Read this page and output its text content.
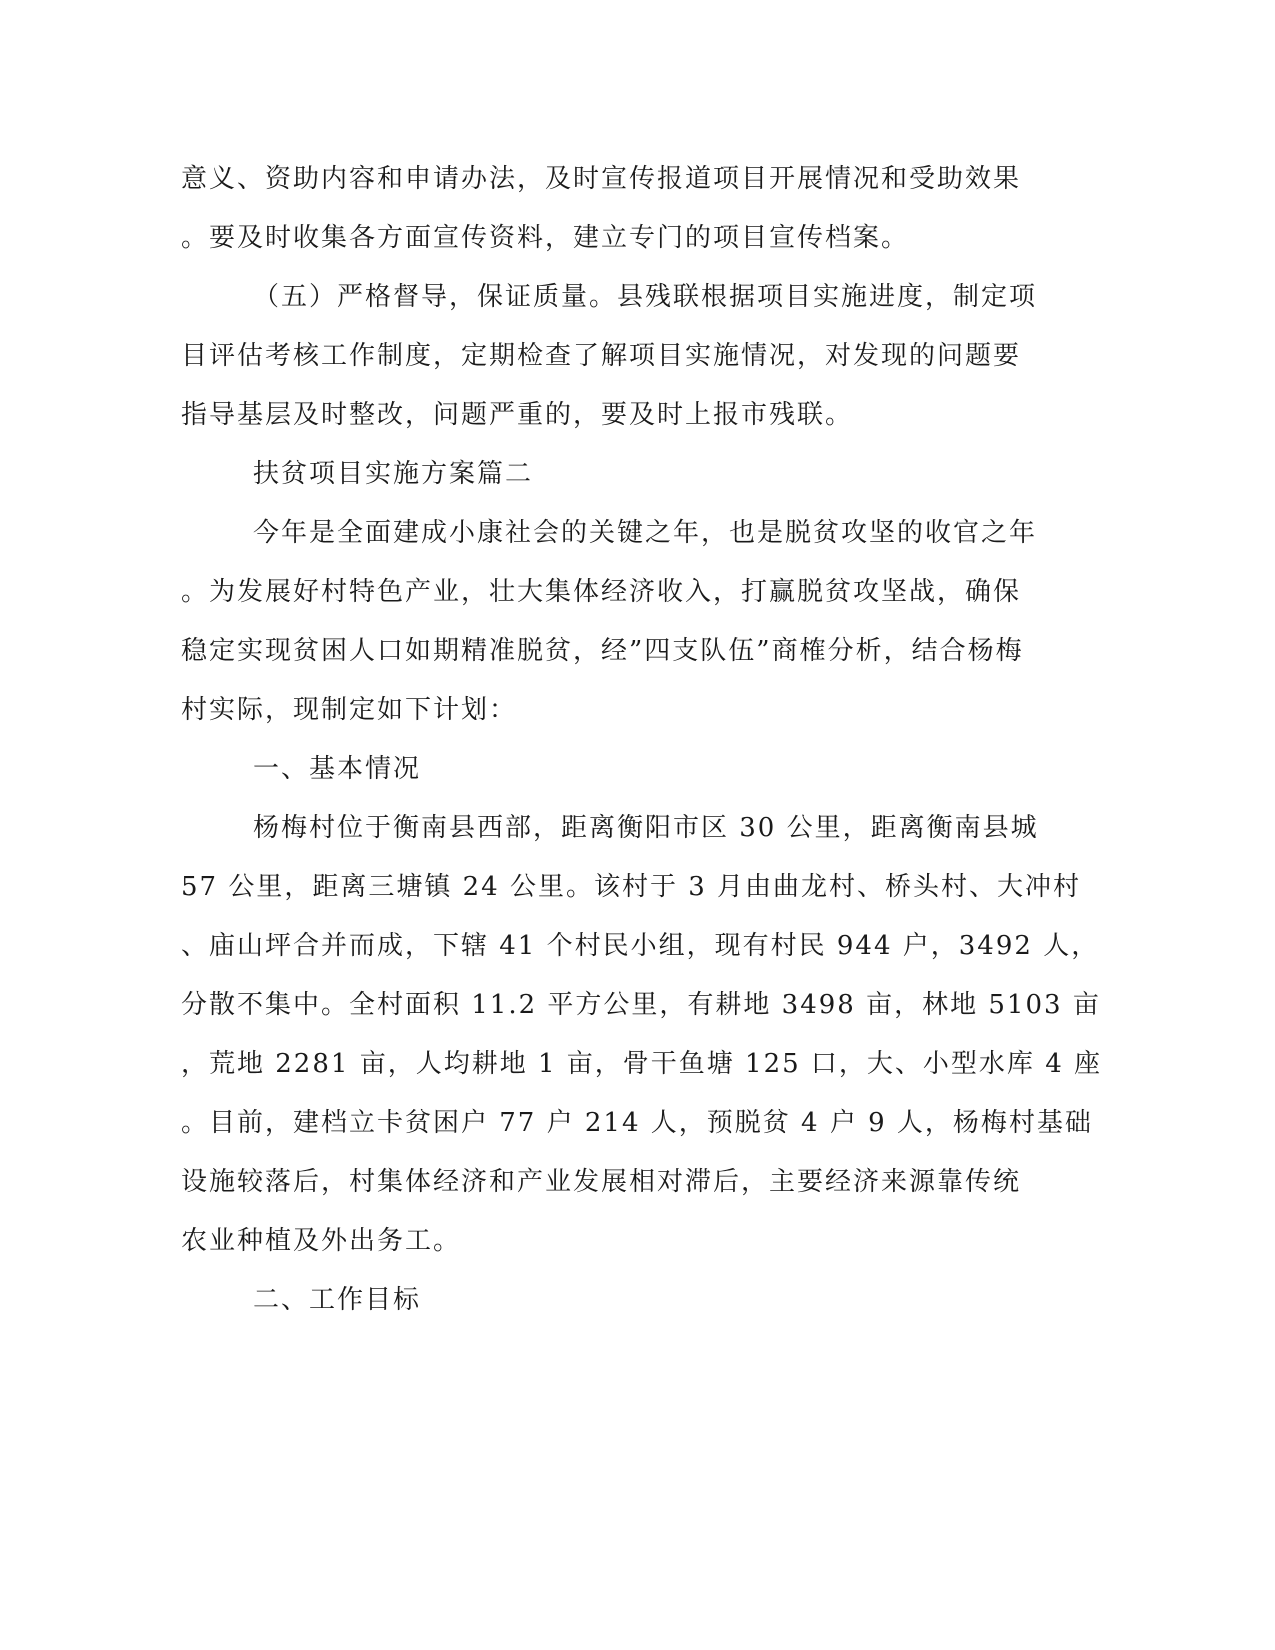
意义、资助内容和申请办法，及时宣传报道项目开展情况和受助效果
。要及时收集各方面宣传资料，建立专门的项目宣传档案。
（五）严格督导，保证质量。县残联根据项目实施进度，制定项
目评估考核工作制度，定期检查了解项目实施情况，对发现的问题要
指导基层及时整改，问题严重的，要及时上报市残联。
扶贫项目实施方案篇二
今年是全面建成小康社会的关键之年，也是脱贫攻坚的收官之年
。为发展好村特色产业，壮大集体经济收入，打赢脱贫攻坚战，确保
稳定实现贫困人口如期精准脱贫，经”四支队伍”商榷分析，结合杨梅
村实际，现制定如下计划：
一、基本情况
杨梅村位于衡南县西部，距离衡阳市区 30 公里，距离衡南县城
57 公里，距离三塘镇 24 公里。该村于 3 月由曲龙村、桥头村、大冲村
、庙山坪合并而成，下辖 41 个村民小组，现有村民 944 户，3492 人，
分散不集中。全村面积 11.2 平方公里，有耕地 3498 亩，林地 5103 亩
，荒地 2281 亩，人均耕地 1 亩，骨干鱼塘 125 口，大、小型水库 4 座
。目前，建档立卡贫困户 77 户 214 人，预脱贫 4 户 9 人，杨梅村基础
设施较落后，村集体经济和产业发展相对滞后，主要经济来源靠传统
农业种植及外出务工。
二、工作目标
